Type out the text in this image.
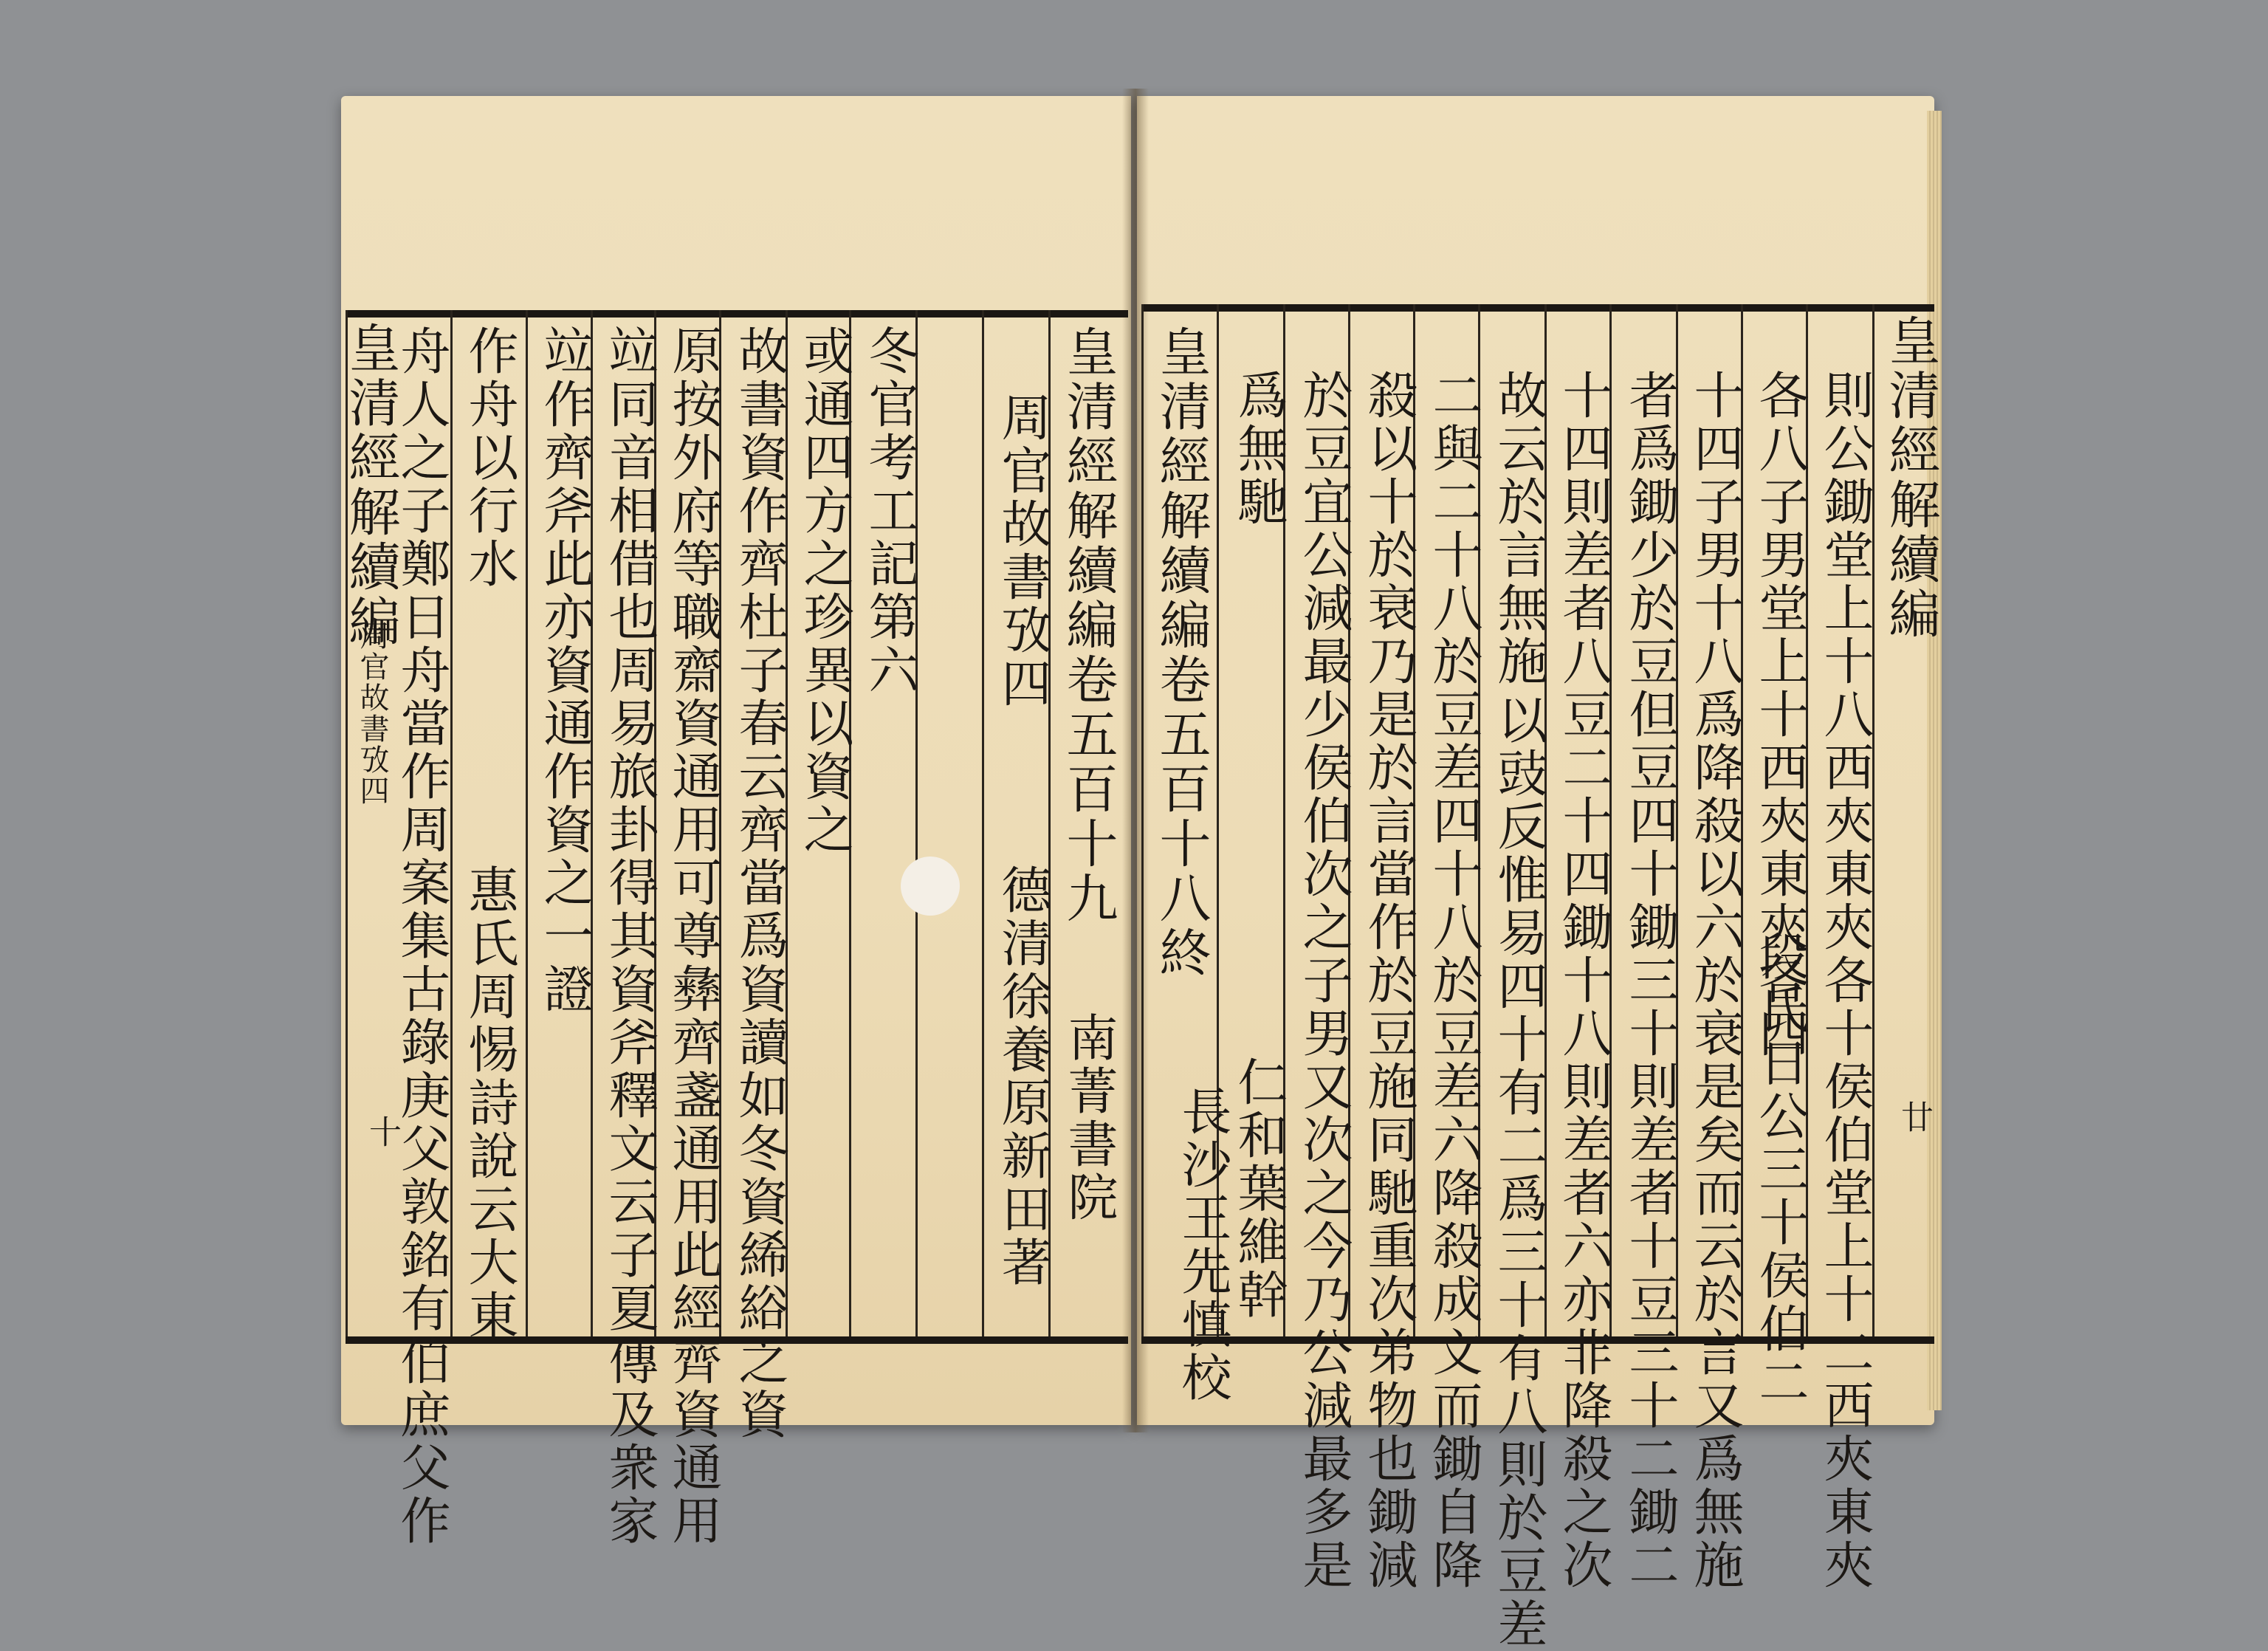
皇清經解續編
周官故書攷四
十
皇清經解續編卷五百十九
南菁書院
周官故書攷四
德清徐養原新田著
冬官考工記第六
或通四方之珍異以資之
故書資作齊杜子春云齊當爲資讀如冬資絺綌之資
原按外府等職齋資通用可尊彝齊盞通用此經齊資通用
竝同音相借也周易旅卦得其資斧釋文云子夏傳及衆家
竝作齊斧此亦資通作資之一證
作舟以行水
惠氏周惕詩說云大東
舟人之子鄭日舟當作周案集古錄庚父敦銘有伯庶父作	皇清經解續編
廿
則公鋤堂上十八西夾東夾各十侯伯堂上十二西夾東夾
各八子男堂上十西夾東夾各四
段氏日公三十侯伯二
十四子男十八爲降殺以六於衰是矣而云於言又爲無施
者爲鋤少於豆但豆四十鋤三十則差者十豆三十二鋤二
十四則差者八豆二十四鋤十八則差者六亦非降殺之次
故云於言無施
以豉反惟易四十有二爲三十有八則於豆差
二與二十八於豆差四十八於豆差六降殺成文而鋤自降
殺以十於衰乃是於言當作於豆施同馳重次弟物也鋤減
於豆宜公減最少侯伯次之子男又次之今乃公減最多是
爲無馳
皇清經解續編卷五百十八終
仁和葉維幹
長沙王先慎校
